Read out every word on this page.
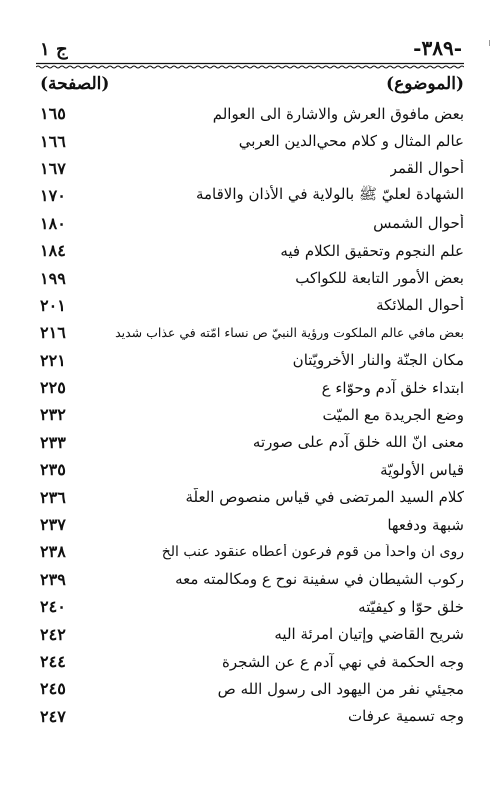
-٣٨٩-
ج ١
(الموضوع)
(الصفحة)
بعض مافوق العرش والاشارة الى العوالم
١٦٥
عالم المثال و كلام محي‌الدين العربي
١٦٦
أحوال القمر
١٦٧
الشهادة لعليّ ﷺ بالولاية في الأذان والاقامة
١٧٠
أحوال الشمس
١٨٠
علم النجوم وتحقيق الكلام فيه
١٨٤
بعض الأمور التابعة للكواكب
١٩٩
أحوال الملائكة
٢٠١
بعض مافي عالم الملكوت ورؤية النبيّ ص نساء امّته في عذاب شديد
٢١٦
مكان الجنّة والنار الأخرويّتان
٢٢١
ابتداء خلق آدم وحوّاء ع
٢٢٥
وضع الجريدة مع الميّت
٢٣٢
معنى انّ الله خلق آدم على صورته
٢٣٣
قياس الأولويّة
٢٣٥
كلام السيد المرتضى في قياس منصوص العلّة
٢٣٦
شبهة ودفعها
٢٣٧
روى ان واحداً من قوم فرعون أعطاه عنقود عنب الخ
٢٣٨
ركوب الشيطان في سفينة نوح ع ومكالمته معه
٢٣٩
خلق حوّا و كيفيّته
٢٤٠
شريح القاضي وإتيان امرئة اليه
٢٤٢
وجه الحكمة في نهي آدم ع عن الشجرة
٢٤٤
مجيئي نفر من اليهود الى رسول الله ص
٢٤٥
وجه تسمية عرفات
٢٤٧
